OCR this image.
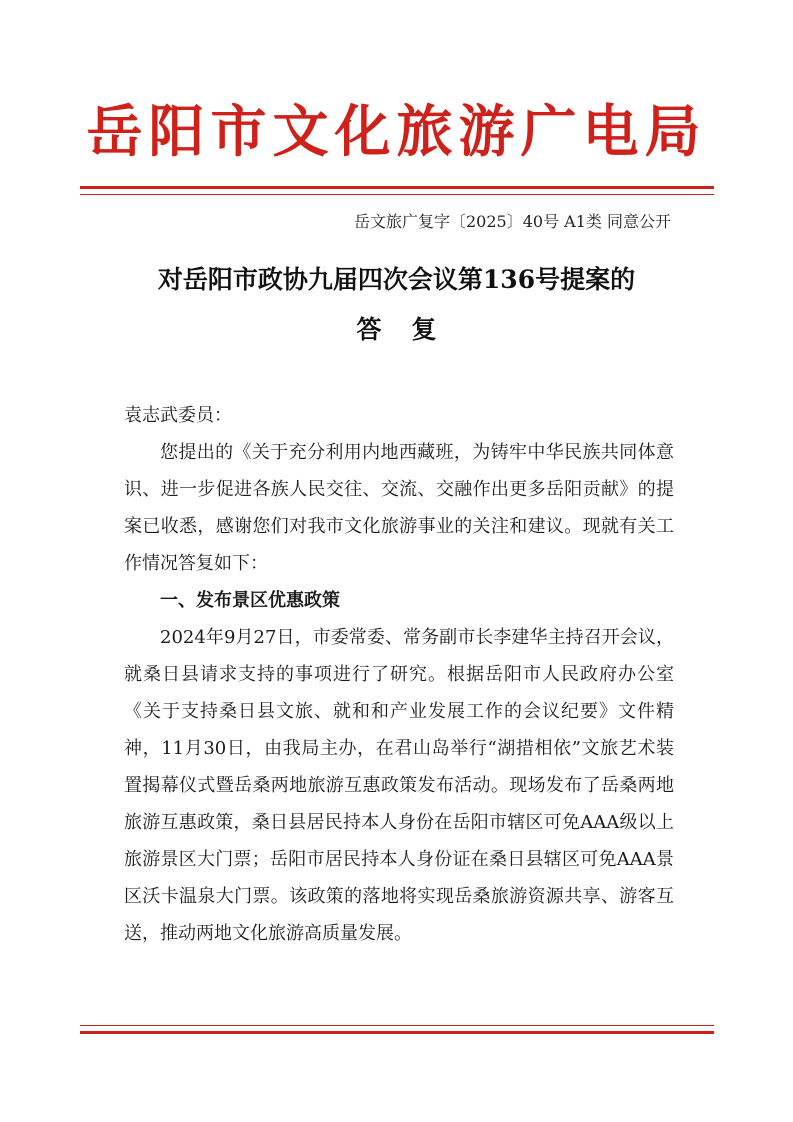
岳阳市文化旅游广电局
岳文旅广复字〔2025〕40号 A1类 同意公开
对岳阳市政协九届四次会议第136号提案的
答复

袁志武委员：

您提出的《关于充分利用内地西藏班，为铸牢中华民族共同体意识、进一步促进各族人民交往、交流、交融作出更多岳阳贡献》的提案已收悉，感谢您们对我市文化旅游事业的关注和建议。现就有关工作情况答复如下：

一、发布景区优惠政策

2024年9月27日，市委常委、常务副市长李建华主持召开会议，就桑日县请求支持的事项进行了研究。根据岳阳市人民政府办公室《关于支持桑日县文旅、就和和产业发展工作的会议纪要》文件精神，11月30日，由我局主办，在君山岛举行“湖措相依”文旅艺术装置揭幕仪式暨岳桑两地旅游互惠政策发布活动。现场发布了岳桑两地旅游互惠政策，桑日县居民持本人身份在岳阳市辖区可免AAA级以上旅游景区大门票；岳阳市居民持本人身份证在桑日县辖区可免AAA景区沃卡温泉大门票。该政策的落地将实现岳桑旅游资源共享、游客互送，推动两地文化旅游高质量发展。
